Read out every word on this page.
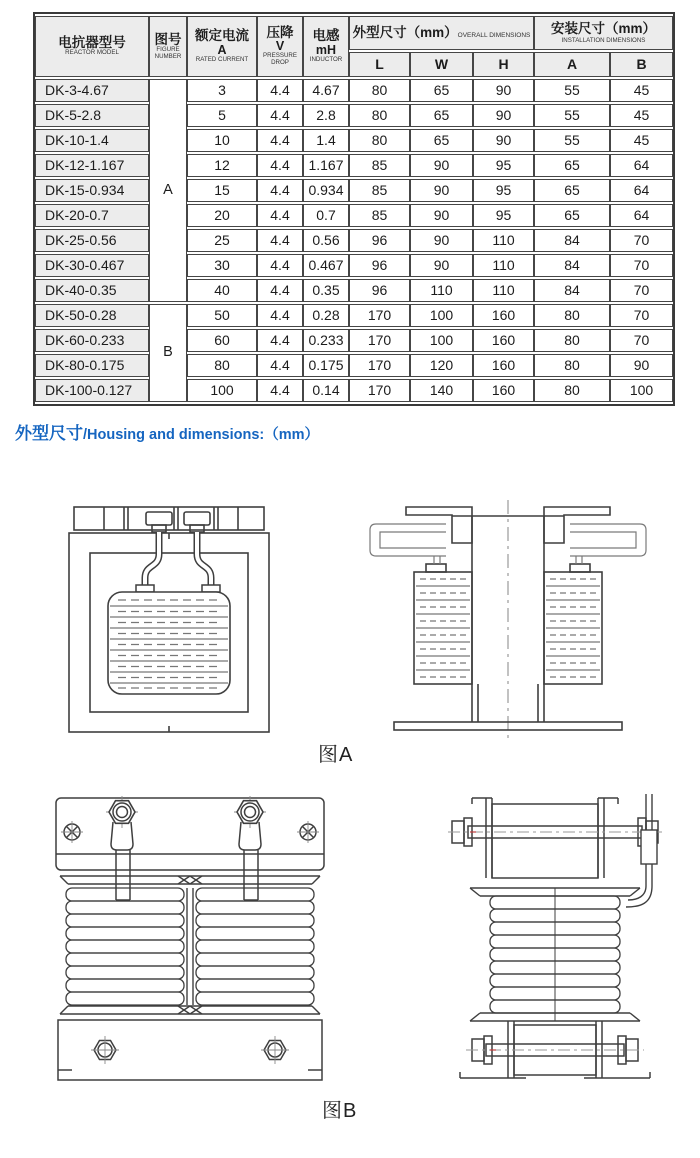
电抗器型号
REACTOR MODEL	图号
FIGURE
NUMBER	额定电流
A
RATED CURRENT	压降
V
PRESSURE
DROP	电感
mH
INDUCTOR	外型尺寸（mm）OVERALL DIMENSIONS			安装尺寸（mm）
INSTALLATION DIMENSIONS	

					L	W	H	A	B
DK-3-4.67	A	3	4.4	4.67	80	65	90	55	45
DK-5-2.8		5	4.4	2.8	80	65	90	55	45
DK-10-1.4		10	4.4	1.4	80	65	90	55	45
DK-12-1.167		12	4.4	1.167	85	90	95	65	64
DK-15-0.934		15	4.4	0.934	85	90	95	65	64
DK-20-0.7		20	4.4	0.7	85	90	95	65	64
DK-25-0.56		25	4.4	0.56	96	90	110	84	70
DK-30-0.467		30	4.4	0.467	96	90	110	84	70
DK-40-0.35		40	4.4	0.35	96	110	110	84	70
DK-50-0.28	B	50	4.4	0.28	170	100	160	80	70
DK-60-0.233		60	4.4	0.233	170	100	160	80	70
DK-80-0.175		80	4.4	0.175	170	120	160	80	90
DK-100-0.127		100	4.4	0.14	170	140	160	80	100
外型尺寸/Housing and dimensions:（mm）
图A
图B
